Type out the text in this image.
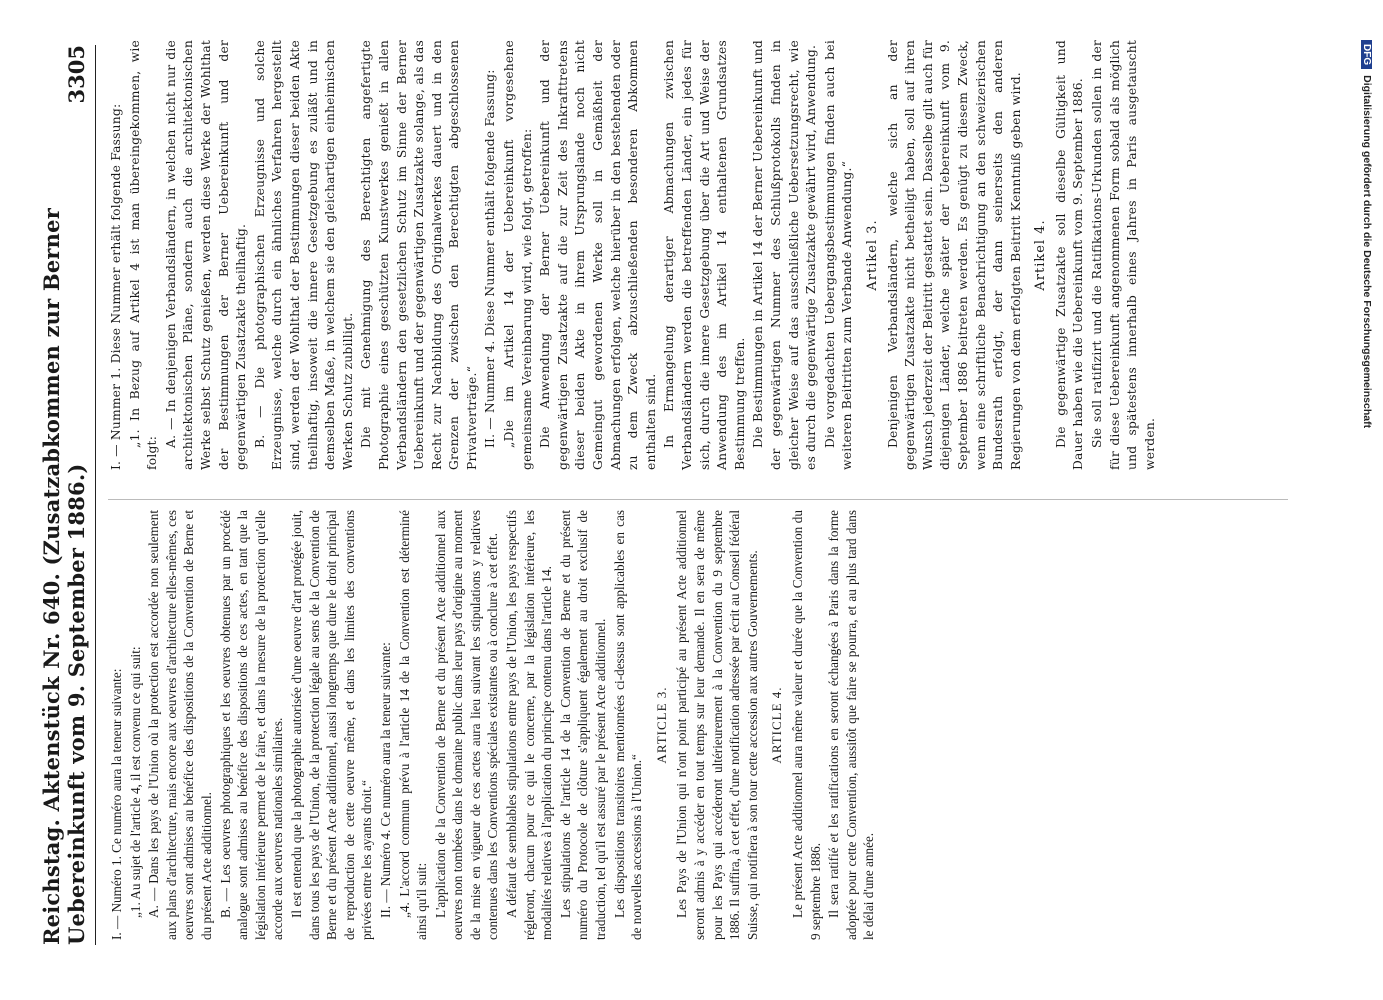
Reichstag. Aktenstück Nr. 640. (Zusatzabkommen zur Berner Uebereinkunft vom 9. September 1886.)
3305

I. — Numéro 1. Ce numéro aura la teneur suivante: „1. Au sujet de l'article 4, il est convenu ce qui suit: A. — Dans les pays de l'Union où la protection est accordée non seulement aux plans d'architecture, mais encore aux oeuvres d'architecture elles-mêmes, ces oeuvres sont admises au bénéfice des dispositions de la Convention de Berne et du présent Acte additionnel. B. — Les oeuvres photographiques et les oeuvres obtenues par un procédé analogue sont admises au bénéfice des dispositions de ces actes, en tant que la législation intérieure permet de le faire, et dans la mesure de la protection qu'elle accorde aux oeuvres nationales similaires. Il est entendu que la photographie autorisée d'une oeuvre d'art protégée jouit, dans tous les pays de l'Union, de la protection légale au sens de la Convention de Berne et du présent Acte additionnel, aussi longtemps que dure le droit principal de reproduction de cette oeuvre même, et dans les limites des conventions privées entre les ayants droit.“ II. — Numéro 4. Ce numéro aura la teneur suivante: „4. L'accord commun prévu à l'article 14 de la Convention est déterminé ainsi qu'il suit: L'application de la Convention de Berne et du présent Acte additionnel aux oeuvres non tombées dans le domaine public dans leur pays d'origine au moment de la mise en vigueur de ces actes aura lieu suivant les stipulations y relatives contenues dans les Conventions spéciales existantes ou à conclure à cet effet. A défaut de semblables stipulations entre pays de l'Union, les pays respectifs régleront, chacun pour ce qui le concerne, par la législation intérieure, les modalités relatives à l'application du principe contenu dans l'article 14. Les stipulations de l'article 14 de la Convention de Berne et du présent numéro du Protocole de clôture s'appliquent également au droit exclusif de traduction, tel qu'il est assuré par le présent Acte additionnel. Les dispositions transitoires mentionnées ci-dessus sont applicables en cas de nouvelles accessions à l'Union.“

ARTICLE 3. Les Pays de l'Union qui n'ont point participé au présent Acte additionnel seront admis à y accéder en tout temps sur leur demande. Il en sera de même pour les Pays qui accéderont ultérieurement à la Convention du 9 septembre 1886. Il suffira, à cet effet, d'une notification adressée par écrit au Conseil fédéral Suisse, qui notifiera à son tour cette accession aux autres Gouvernements. ARTICLE 4. Le présent Acte additionnel aura même valeur et durée que la Convention du 9 septembre 1886. Il sera ratifié et les ratifications en seront échangées à Paris dans la forme adoptée pour cette Convention, aussitôt que faire se pourra, et au plus tard dans le délai d'une année.

I. — Nummer 1. Diese Nummer erhält folgende Fassung: „1. In Bezug auf Artikel 4 ist man übereingekommen, wie folgt:

A. — In denjenigen Verbandsländern, in welchen nicht nur die architektonischen Pläne, sondern auch die architektonischen Werke selbst Schutz genießen, werden diese Werke der Wohlthat der Bestimmungen der Berner Uebereinkunft und der gegenwärtigen Zusatzakte theilhaftig. B. — Die photographischen Erzeugnisse und solche Erzeugnisse, welche durch ein ähnliches Verfahren hergestellt sind, werden der Wohlthat der Bestimmungen dieser beiden Akte theilhaftig, insoweit die innere Gesetzgebung es zuläßt und in demselben Maße, in welchem sie den gleichartigen einheimischen Werken Schutz zubilligt. Die mit Genehmigung des Berechtigten angefertigte Photographie eines geschützten Kunstwerkes genießt in allen Verbandsländern den gesetzlichen Schutz im Sinne der Berner Uebereinkunft und der gegenwärtigen Zusatzakte solange, als das Recht zur Nachbildung des Originalwerkes dauert und in den Grenzen der zwischen den Berechtigten abgeschlossenen Privatverträge.“ II. — Nummer 4. Diese Nummer enthält folgende Fassung: „Die im Artikel 14 der Uebereinkunft vorgesehene gemeinsame Vereinbarung wird, wie folgt, getroffen: Die Anwendung der Berner Uebereinkunft und der gegenwärtigen Zusatzakte auf die zur Zeit des Inkrafttretens dieser beiden Akte in ihrem Ursprungslande noch nicht Gemeingut gewordenen Werke soll in Gemäßheit der Abmachungen erfolgen, welche hierüber in den bestehenden oder zu dem Zweck abzuschließenden besonderen Abkommen enthalten sind. In Ermangelung derartiger Abmachungen zwischen Verbandsländern werden die betreffenden Länder, ein jedes für sich, durch die innere Gesetzgebung über die Art und Weise der Anwendung des im Artikel 14 enthaltenen Grundsatzes Bestimmung treffen. Die Bestimmungen in Artikel 14 der Berner Uebereinkunft und der gegenwärtigen Nummer des Schlußprotokolls finden in gleicher Weise auf das ausschließliche Uebersetzungsrecht, wie es durch die gegenwärtige Zusatzakte gewährt wird, Anwendung. Die vorgedachten Uebergangsbestimmungen finden auch bei weiteren Beitritten zum Verbande Anwendung.“ Artikel 3. Denjenigen Verbandsländern, welche sich an der gegenwärtigen Zusatzakte nicht betheiligt haben, soll auf ihren Wunsch jederzeit der Beitritt gestattet sein. Dasselbe gilt auch für diejenigen Länder, welche später der Uebereinkunft vom 9. September 1886 beitreten werden. Es genügt zu diesem Zweck, wenn eine schriftliche Benachrichtigung an den schweizerischen Bundesrath erfolgt, der dann seinerseits den anderen Regierungen von dem erfolgten Beitritt Kenntniß geben wird. Artikel 4. Die gegenwärtige Zusatzakte soll dieselbe Gültigkeit und Dauer haben wie die Uebereinkunft vom 9. September 1886. Sie soll ratifizirt und die Ratifikations-Urkunden sollen in der für diese Uebereinkunft angenommenen Form sobald als möglich und spätestens innerhalb eines Jahres in Paris ausgetauscht werden.

DFGDigitalisierung gefördert durch die Deutsche Forschungsgemeinschaft
